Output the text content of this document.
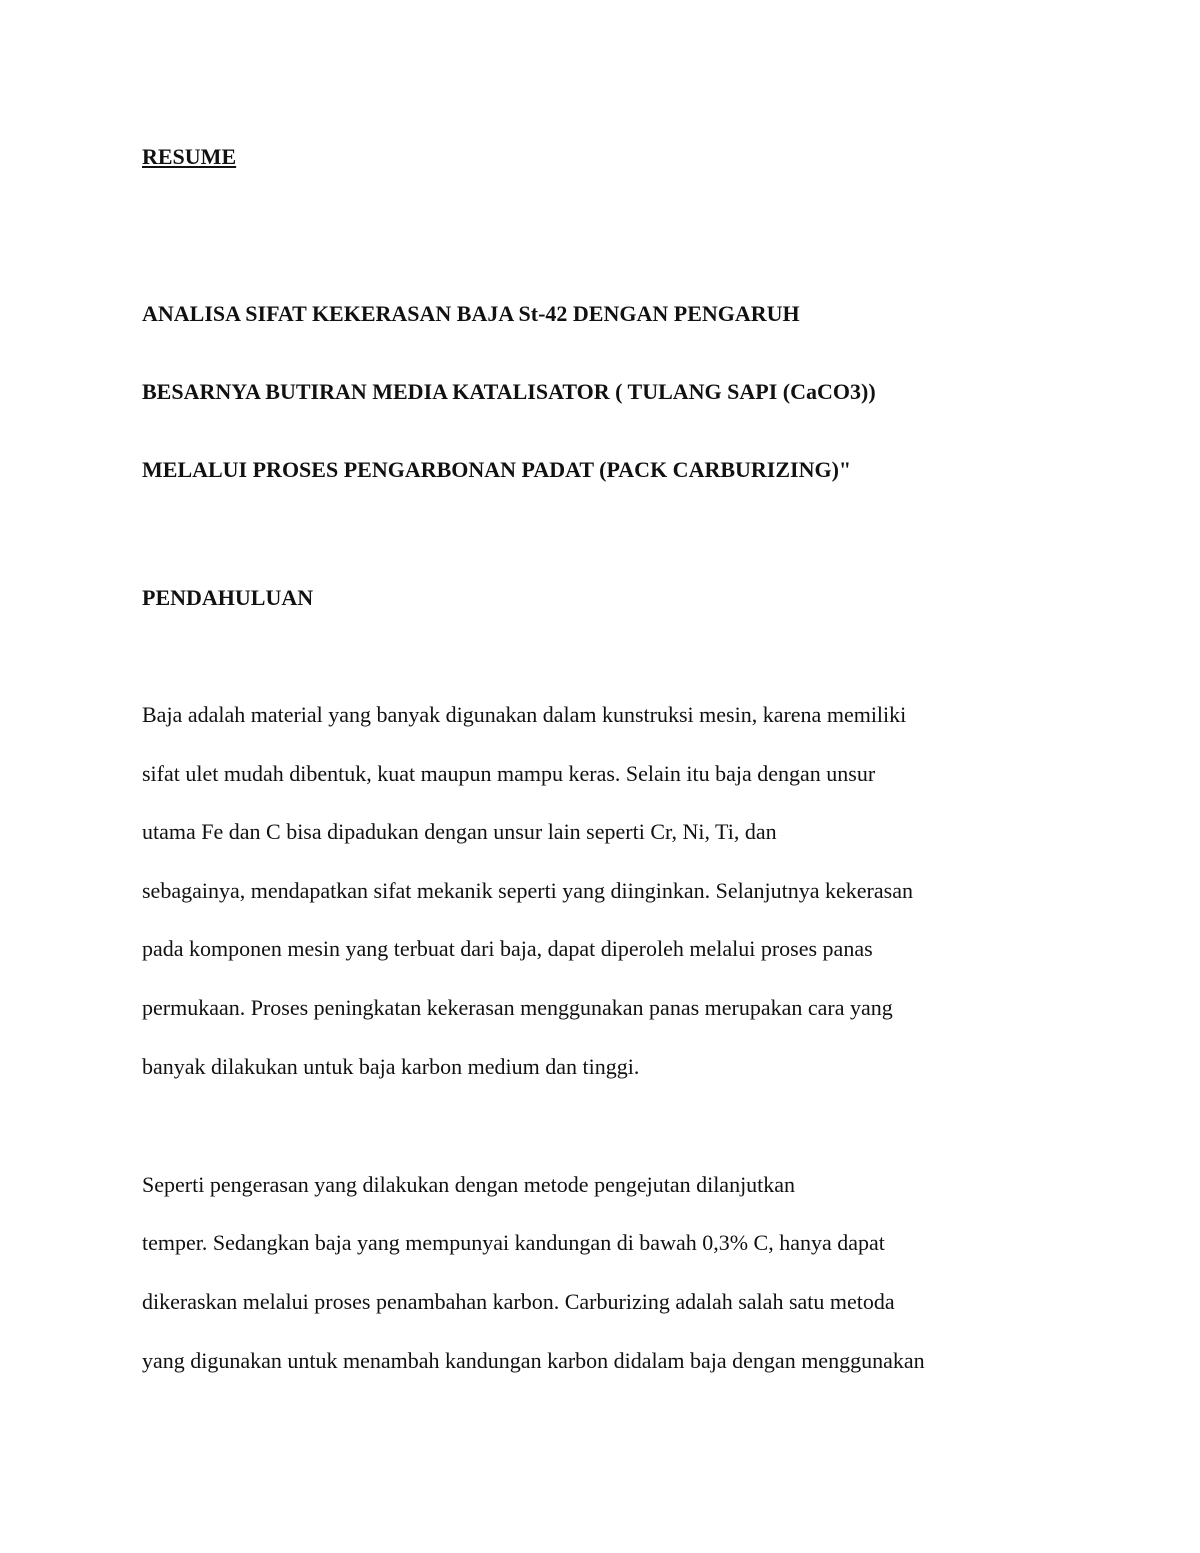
RESUME

ANALISA SIFAT KEKERASAN BAJA St-42 DENGAN PENGARUH

BESARNYA BUTIRAN MEDIA KATALISATOR ( TULANG SAPI (CaCO3))

MELALUI PROSES PENGARBONAN PADAT (PACK CARBURIZING)"

PENDAHULUAN

Baja adalah material yang banyak digunakan dalam kunstruksi mesin, karena memiliki

sifat ulet mudah dibentuk, kuat maupun mampu keras. Selain itu baja dengan unsur

utama Fe dan C bisa dipadukan dengan unsur lain seperti Cr, Ni, Ti, dan

sebagainya, mendapatkan sifat mekanik seperti yang diinginkan. Selanjutnya kekerasan

pada komponen mesin yang terbuat dari baja, dapat diperoleh melalui proses panas

permukaan. Proses peningkatan kekerasan menggunakan panas merupakan cara yang

banyak dilakukan untuk baja karbon medium dan tinggi.

Seperti pengerasan yang dilakukan dengan metode pengejutan dilanjutkan

temper. Sedangkan baja yang mempunyai kandungan di bawah 0,3% C, hanya dapat

dikeraskan melalui proses penambahan karbon. Carburizing adalah salah satu metoda

yang digunakan untuk menambah kandungan karbon didalam baja dengan menggunakan
